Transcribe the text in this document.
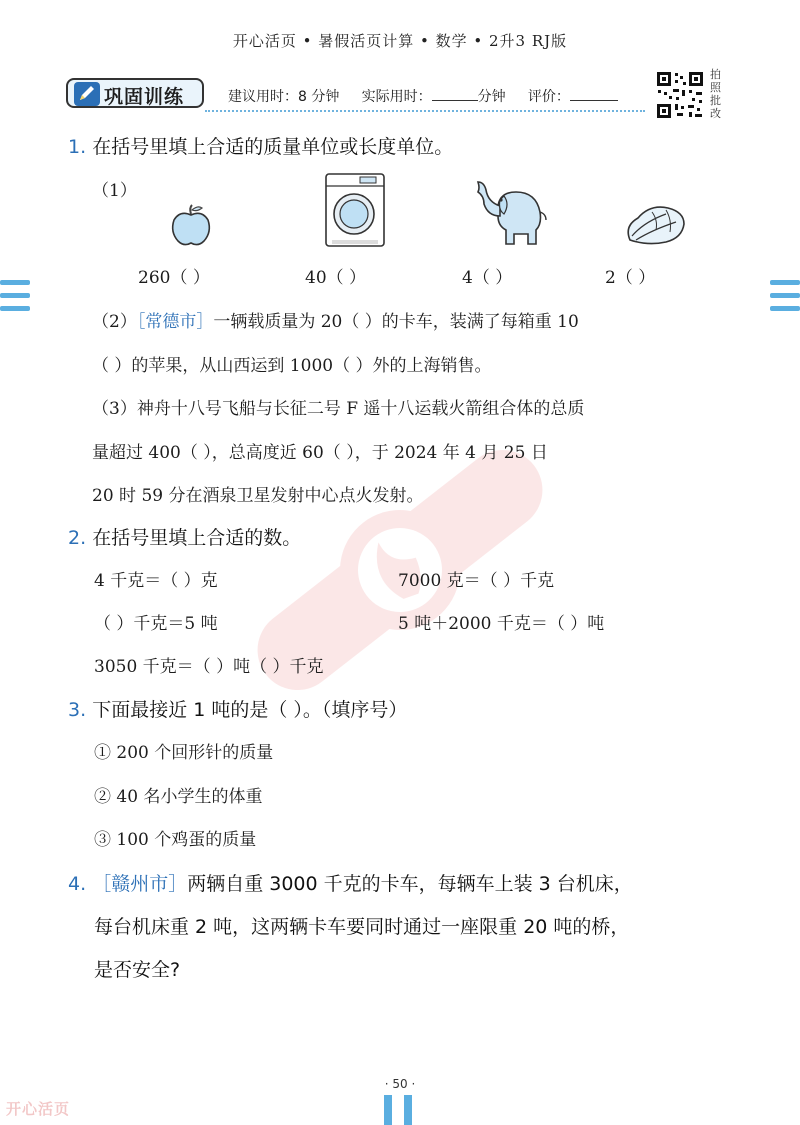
开心活页 • 暑假活页计算 • 数学 • 2升3 RJ版
巩固训练	建议用时：8 分钟 实际用时：	分钟 评价：
拍照批改
1. 在括号里填上合适的质量单位或长度单位。
（1）
260（ ）	40（ ）	4（ ）	2（ ）
（2）［常德市］一辆载质量为 20（ ）的卡车，装满了每箱重 10
（ ）的苹果，从山西运到 1000（ ）外的上海销售。
（3）神舟十八号飞船与长征二号 F 遥十八运载火箭组合体的总质
量超过 400（ ），总高度近 60（ ），于 2024 年 4 月 25 日
20 时 59 分在酒泉卫星发射中心点火发射。
2. 在括号里填上合适的数。
4 千克＝（ ）克	7000 克＝（ ）千克
（ ）千克＝5 吨	5 吨＋2000 千克＝（ ）吨
3050 千克＝（ ）吨（ ）千克
3. 下面最接近 1 吨的是（ ）。（填序号）
① 200 个回形针的质量
② 40 名小学生的体重
③ 100 个鸡蛋的质量
4. ［赣州市］两辆自重 3000 千克的卡车，每辆车上装 3 台机床，
每台机床重 2 吨，这两辆卡车要同时通过一座限重 20 吨的桥，
是否安全?
· 50 ·
开心活页
